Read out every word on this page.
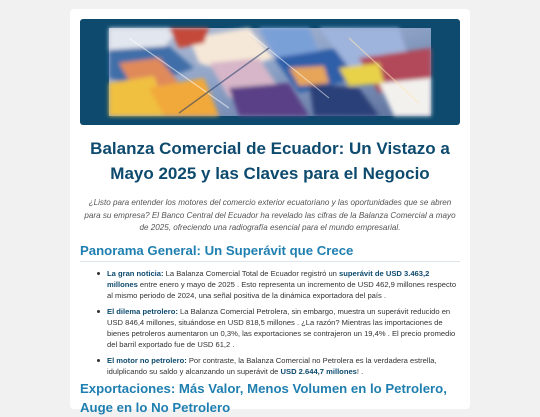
Balanza Comercial de Ecuador: Un Vistazo a Mayo 2025 y las Claves para el Negocio

¿Listo para entender los motores del comercio exterior ecuatoriano y las oportunidades que se abren para su empresa? El Banco Central del Ecuador ha revelado las cifras de la Balanza Comercial a mayo de 2025, ofreciendo una radiografía esencial para el mundo empresarial.

Panorama General: Un Superávit que Crece
La gran noticia: La Balanza Comercial Total de Ecuador registró un superávit de USD 3.463,2 millones entre enero y mayo de 2025 . Esto representa un incremento de USD 462,9 millones respecto al mismo periodo de 2024, una señal positiva de la dinámica exportadora del país .
El dilema petrolero: La Balanza Comercial Petrolera, sin embargo, muestra un superávit reducido en USD 846,4 millones, situándose en USD 818,5 millones . ¿La razón? Mientras las importaciones de bienes petroleros aumentaron un 0,3%, las exportaciones se contrajeron un 19,4% . El precio promedio del barril exportado fue de USD 61,2 .
El motor no petrolero: Por contraste, la Balanza Comercial no Petrolera es la verdadera estrella, idulplicando su saldo y alcanzando un superávit de USD 2.644,7 millones! .
Exportaciones: Más Valor, Menos Volumen en lo Petrolero, Auge en lo No Petrolero
